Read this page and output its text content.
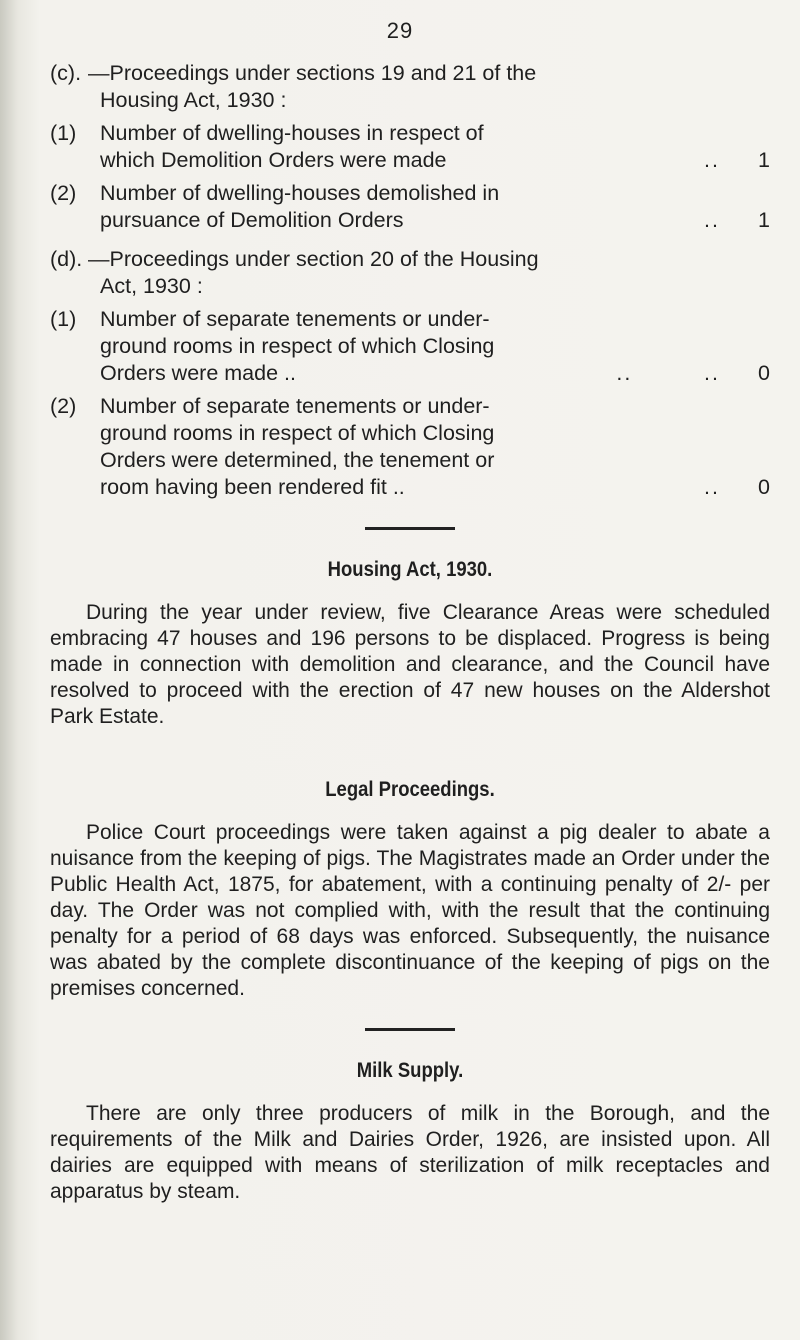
29
(c). —Proceedings under sections 19 and 21 of the
Housing Act, 1930 :
(1) Number of dwelling-houses in respect of
which Demolition Orders were made	.. 1
(2) Number of dwelling-houses demolished in
pursuance of Demolition Orders	.. 1
(d). —Proceedings under section 20 of the Housing
Act, 1930 :
(1) Number of separate tenements or under-
ground rooms in respect of which Closing
Orders were made ..	..         .. 0
(2) Number of separate tenements or under-
ground rooms in respect of which Closing
Orders were determined, the tenement or
room having been rendered fit ..	.. 0
Housing Act, 1930.
During the year under review, five Clearance Areas were scheduled embracing 47 houses and 196 persons to be displaced. Progress is being made in connection with demolition and clearance, and the Council have resolved to proceed with the erection of 47 new houses on the Aldershot Park Estate.
Legal Proceedings.
Police Court proceedings were taken against a pig dealer to abate a nuisance from the keeping of pigs. The Magistrates made an Order under the Public Health Act, 1875, for abatement, with a continuing penalty of 2/- per day. The Order was not complied with, with the result that the continuing penalty for a period of 68 days was enforced. Subsequently, the nuisance was abated by the complete discontinuance of the keeping of pigs on the premises concerned.
Milk Supply.
There are only three producers of milk in the Borough, and the requirements of the Milk and Dairies Order, 1926, are insisted upon. All dairies are equipped with means of sterilization of milk receptacles and apparatus by steam.
